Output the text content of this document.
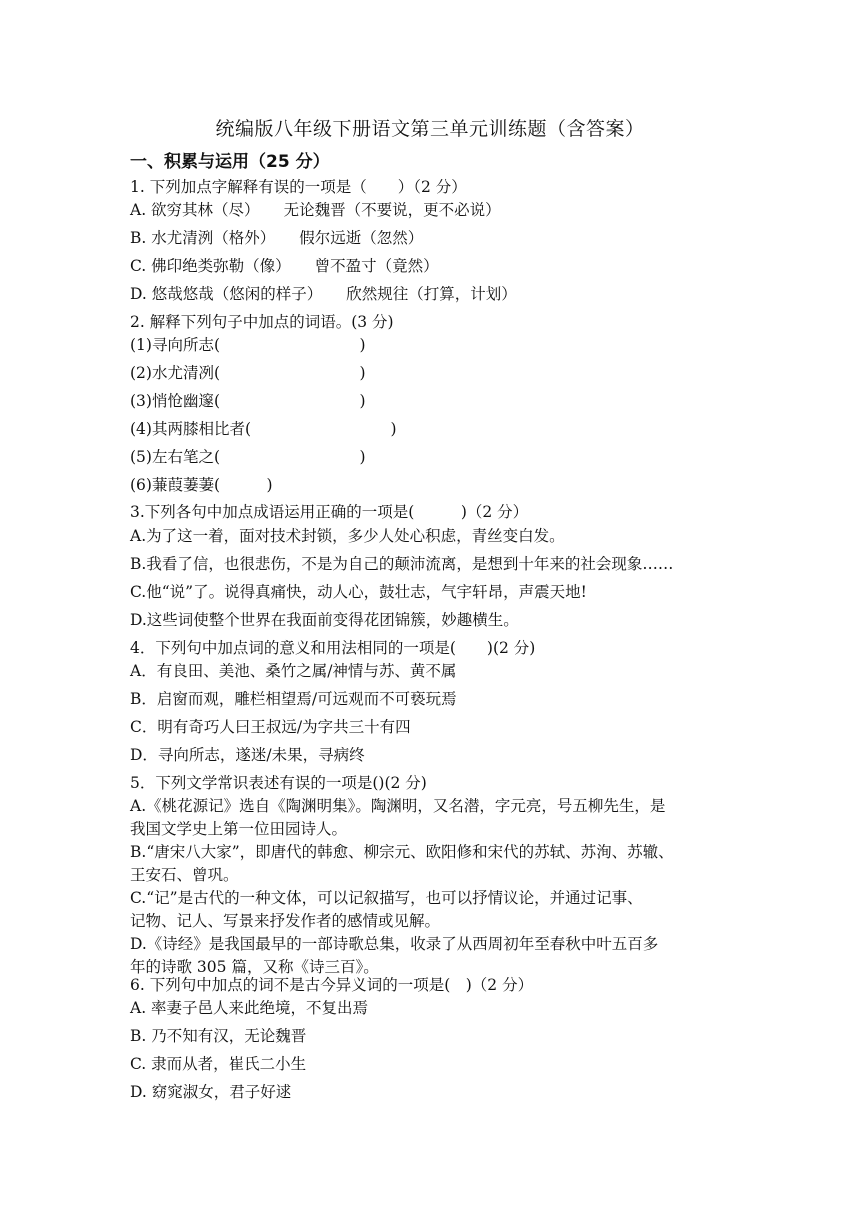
统编版八年级下册语文第三单元训练题（含答案）
一、积累与运用（25 分）
1. 下列加点字解释有误的一项是（　　）（2 分）
A. 欲穷其林（尽） 无论魏晋（不要说，更不必说）
B. 水尤清洌（格外） 假尔远逝（忽然）
C. 佛印绝类弥勒（像） 曾不盈寸（竟然）
D. 悠哉悠哉（悠闲的样子） 欣然规往（打算，计划）
2. 解释下列句子中加点的词语。(3 分)
(1)寻向所志(　　　　　　　　　)
(2)水尤清冽(　　　　　　　　　)
(3)悄怆幽邃(　　　　　　　　　)
(4)其两膝相比者(　　　　　　　　　)
(5)左右笔之(　　　　　　　　　)
(6)蒹葭萋萋(　　　)
3.下列各句中加点成语运用正确的一项是(　　　)（2 分）
A.为了这一着，面对技术封锁，多少人处心积虑，青丝变白发。
B.我看了信，也很悲伤，不是为自己的颠沛流离，是想到十年来的社会现象……
C.他“说”了。说得真痛快，动人心，鼓壮志，气宇轩昂，声震天地!
D.这些词使整个世界在我面前变得花团锦簇，妙趣横生。
4．下列句中加点词的意义和用法相同的一项是(　　)(2 分)
A．有良田、美池、桑竹之属/神情与苏、黄不属
B．启窗而观，雕栏相望焉/可远观而不可亵玩焉
C．明有奇巧人曰王叔远/为字共三十有四
D．寻向所志，遂迷/未果，寻病终
5．下列文学常识表述有误的一项是()(2 分)
A.《桃花源记》选自《陶渊明集》。陶渊明，又名潜，字元亮，号五柳先生，是
我国文学史上第一位田园诗人。
B.“唐宋八大家”，即唐代的韩愈、柳宗元、欧阳修和宋代的苏轼、苏洵、苏辙、
王安石、曾巩。
C.“记”是古代的一种文体，可以记叙描写，也可以抒情议论，并通过记事、
记物、记人、写景来抒发作者的感情或见解。
D.《诗经》是我国最早的一部诗歌总集，收录了从西周初年至春秋中叶五百多
年的诗歌 305 篇，又称《诗三百》。
6. 下列句中加点的词不是古今异义词的一项是(　)（2 分）
A. 率妻子邑人来此绝境，不复出焉
B. 乃不知有汉，无论魏晋
C. 隶而从者，崔氏二小生
D. 窈窕淑女，君子好逑
